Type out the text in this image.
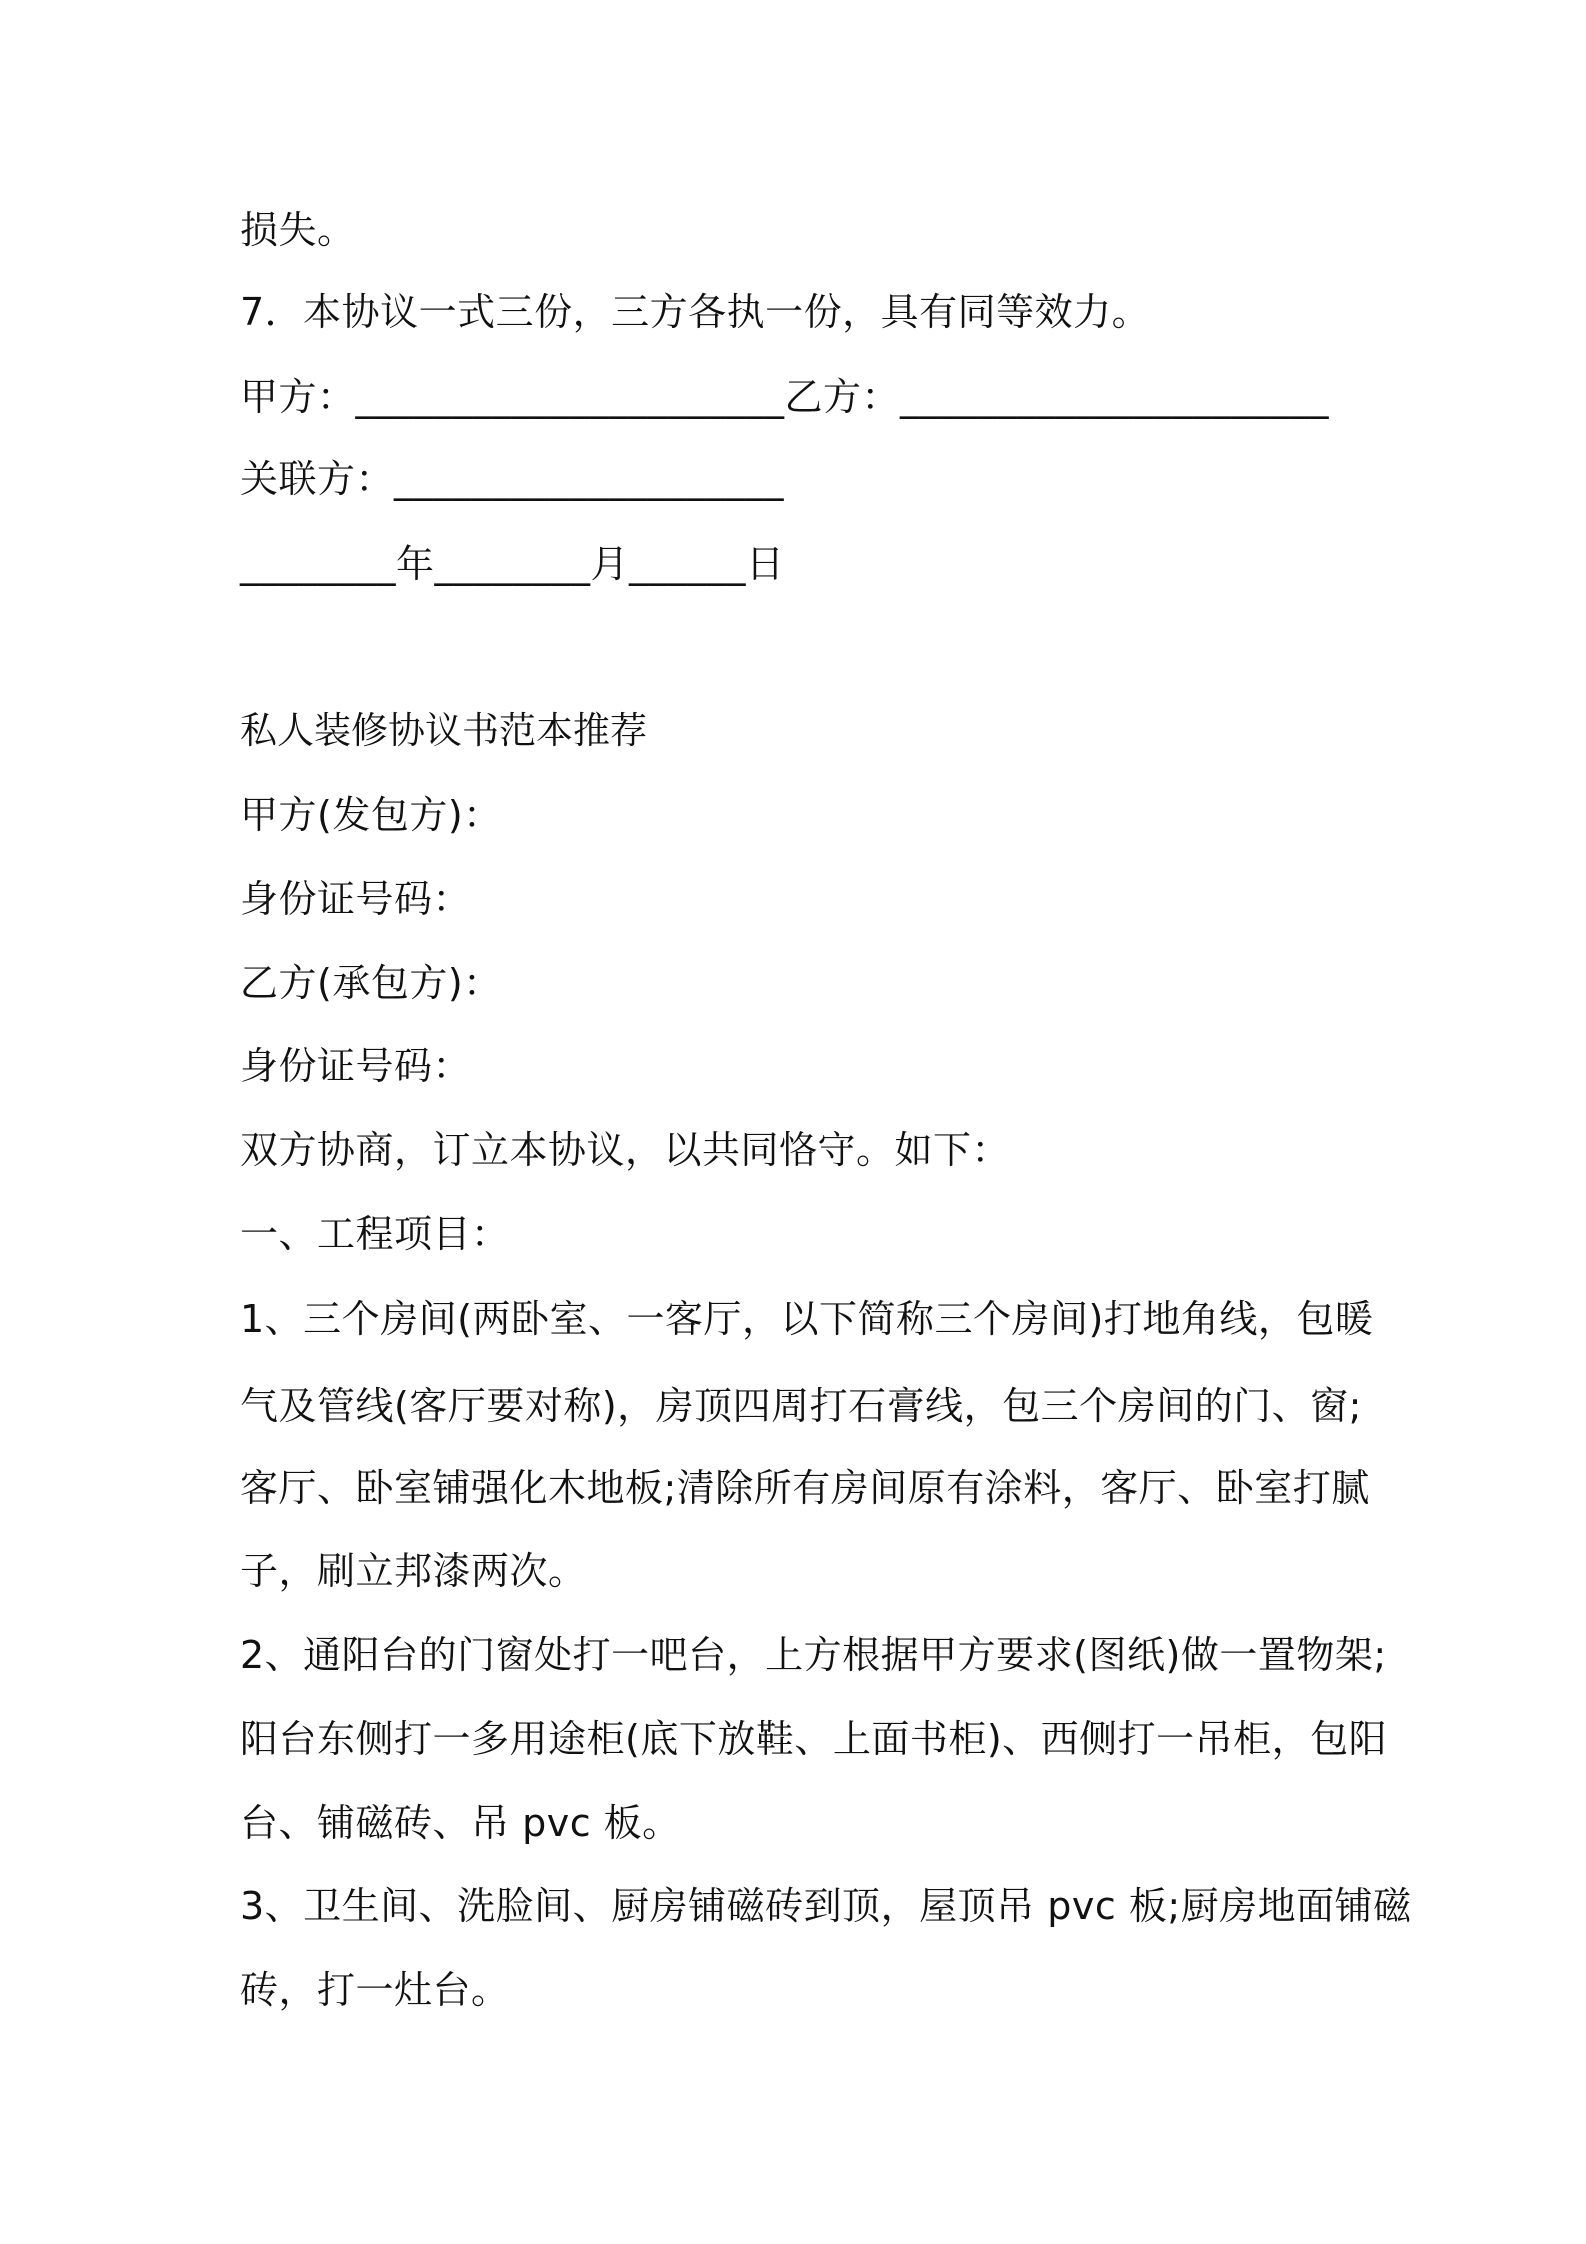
损失。
7．本协议一式三份，三方各执一份，具有同等效力。
甲方：______________________乙方：______________________
关联方：____________________
________年________月______日
私人装修协议书范本推荐
甲方(发包方)：
身份证号码：
乙方(承包方)：
身份证号码：
双方协商，订立本协议，以共同恪守。如下：
一、工程项目：
1、三个房间(两卧室、一客厅，以下简称三个房间)打地角线，包暖
气及管线(客厅要对称)，房顶四周打石膏线，包三个房间的门、窗;
客厅、卧室铺强化木地板;清除所有房间原有涂料，客厅、卧室打腻
子，刷立邦漆两次。
2、通阳台的门窗处打一吧台，上方根据甲方要求(图纸)做一置物架;
阳台东侧打一多用途柜(底下放鞋、上面书柜)、西侧打一吊柜，包阳
台、铺磁砖、吊 pvc 板。
3、卫生间、洗脸间、厨房铺磁砖到顶，屋顶吊 pvc 板;厨房地面铺磁
砖，打一灶台。
